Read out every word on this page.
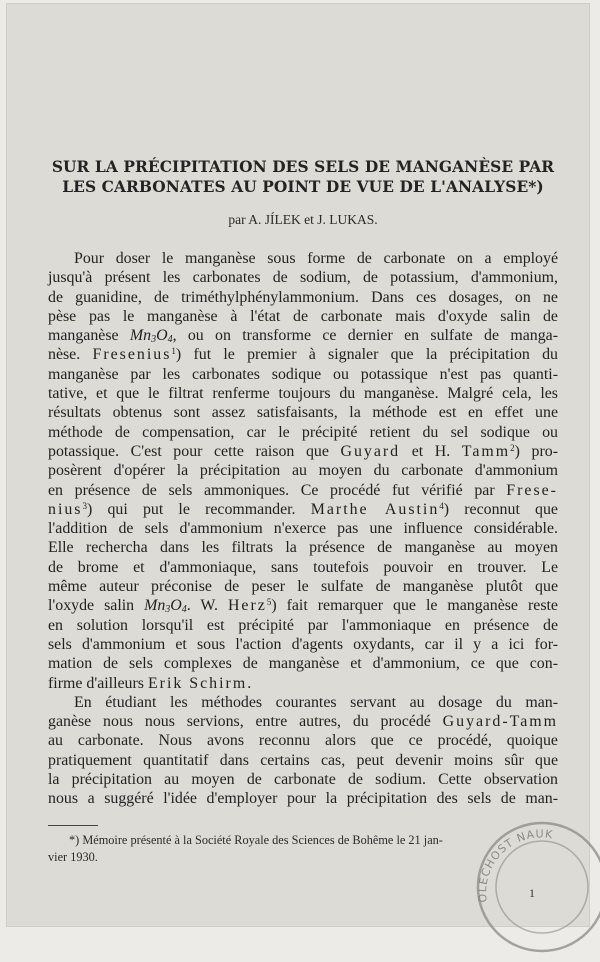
SUR LA PRÉCIPITATION DES SELS DE MANGANÈSE PAR
LES CARBONATES AU POINT DE VUE DE L'ANALYSE*)
par A. JÍLEK et J. LUKAS.
Pour doser le manganèse sous forme de carbonate on a employé
jusqu'à présent les carbonates de sodium, de potassium, d'ammonium,
de guanidine, de triméthylphénylammonium. Dans ces dosages, on ne
pèse pas le manganèse à l'état de carbonate mais d'oxyde salin de
manganèse $Mn_3O_4$, ou on transforme ce dernier en sulfate de manga-
nèse. Fresenius$^1$) fut le premier à signaler que la précipitation du
manganèse par les carbonates sodique ou potassique n'est pas quanti-
tative, et que le filtrat renferme toujours du manganèse. Malgré cela, les
résultats obtenus sont assez satisfaisants, la méthode est en effet une
méthode de compensation, car le précipité retient du sel sodique ou
potassique. C'est pour cette raison que Guyard et H. Tamm$^2$) pro-
posèrent d'opérer la précipitation au moyen du carbonate d'ammonium
en présence de sels ammoniques. Ce procédé fut vérifié par Frese-
nius$^3$) qui put le recommander. Marthe Austin$^4$) reconnut que
l'addition de sels d'ammonium n'exerce pas une influence considérable.
Elle rechercha dans les filtrats la présence de manganèse au moyen
de brome et d'ammoniaque, sans toutefois pouvoir en trouver. Le
même auteur préconise de peser le sulfate de manganèse plutôt que
l'oxyde salin $Mn_3O_4$. W. Herz$^5$) fait remarquer que le manganèse reste
en solution lorsqu'il est précipité par l'ammoniaque en présence de
sels d'ammonium et sous l'action d'agents oxydants, car il y a ici for-
mation de sels complexes de manganèse et d'ammonium, ce que con-
firme d'ailleurs Erik Schirm.
En étudiant les méthodes courantes servant au dosage du man-
ganèse nous nous servions, entre autres, du procédé Guyard-Tamm
au carbonate. Nous avons reconnu alors que ce procédé, quoique
pratiquement quantitatif dans certains cas, peut devenir moins sûr que
la précipitation au moyen de carbonate de sodium. Cette observation
nous a suggéré l'idée d'employer pour la précipitation des sels de man-
*) Mémoire présenté à la Société Royale des Sciences de Bohême le 21 jan-
vier 1930.
OLECHOST NAUK
1
